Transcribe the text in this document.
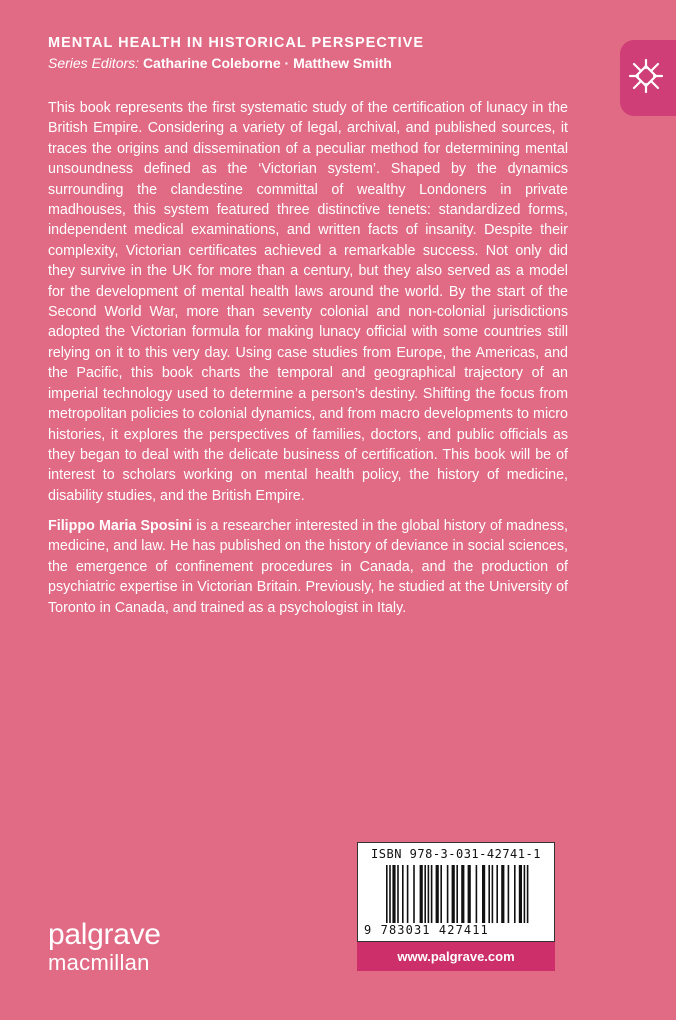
MENTAL HEALTH IN HISTORICAL PERSPECTIVE
Series Editors: Catharine Coleborne · Matthew Smith

This book represents the first systematic study of the certification of lunacy in the British Empire. Considering a variety of legal, archival, and published sources, it traces the origins and dissemination of a peculiar method for determining mental unsoundness defined as the ‘Victorian system’. Shaped by the dynamics surrounding the clandestine committal of wealthy Londoners in private madhouses, this system featured three distinctive tenets: standardized forms, independent medical examinations, and written facts of insanity. Despite their complexity, Victorian certificates achieved a remarkable success. Not only did they survive in the UK for more than a century, but they also served as a model for the development of mental health laws around the world. By the start of the Second World War, more than seventy colonial and non-colonial jurisdictions adopted the Victorian formula for making lunacy official with some countries still relying on it to this very day. Using case studies from Europe, the Americas, and the Pacific, this book charts the temporal and geographical trajectory of an imperial technology used to determine a person’s destiny. Shifting the focus from metropolitan policies to colonial dynamics, and from macro developments to micro histories, it explores the perspectives of families, doctors, and public officials as they began to deal with the delicate business of certification. This book will be of interest to scholars working on mental health policy, the history of medicine, disability studies, and the British Empire.

Filippo Maria Sposini is a researcher interested in the global history of madness, medicine, and law. He has published on the history of deviance in social sciences, the emergence of confinement procedures in Canada, and the production of psychiatric expertise in Victorian Britain. Previously, he studied at the University of Toronto in Canada, and trained as a psychologist in Italy.

ISBN 978-3-031-42741-1
9 783031 427411
www.palgrave.com
palgrave
macmillan
